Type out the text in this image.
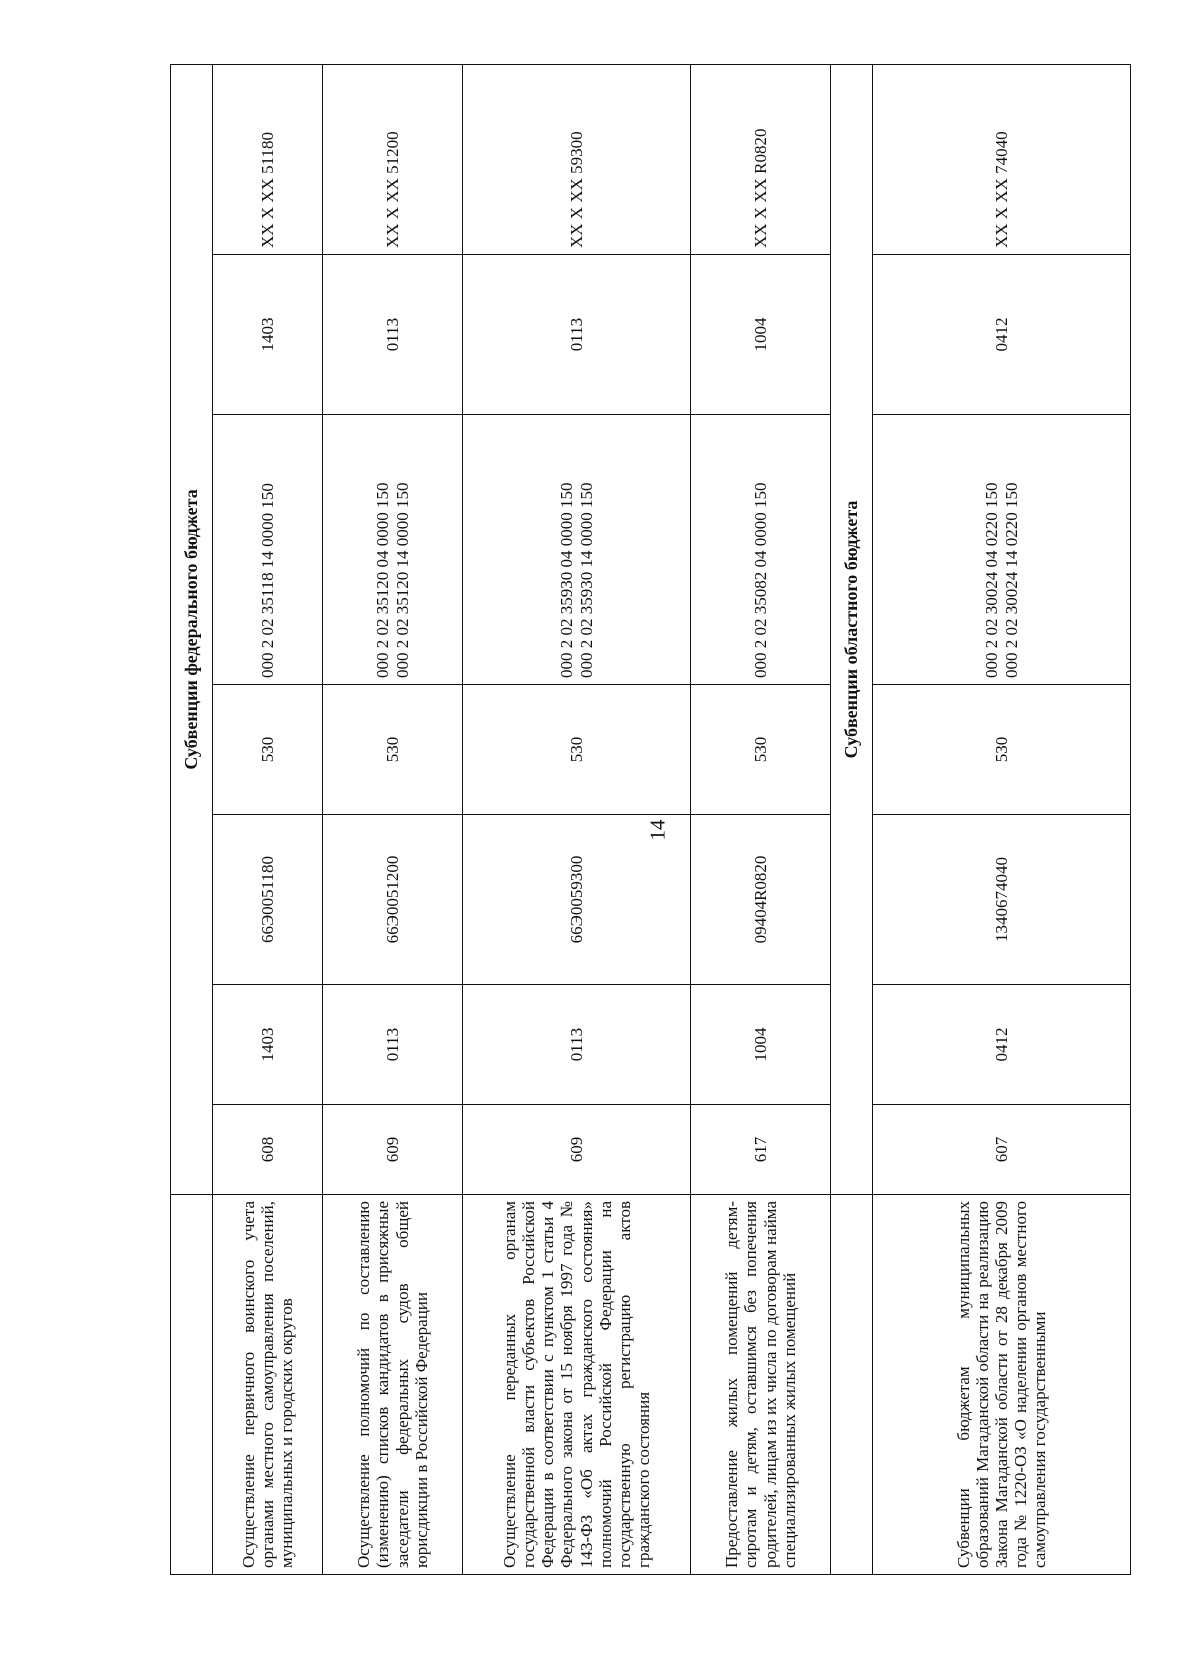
14
	Субвенции федерального бюджета						
Осуществление первичного воинского учета органами местного самоуправления поселений, муниципальных и городских округов	608	1403	66Э0051180	530	000 2 02 35118 14 0000 150	1403	XX X XX 51180
Осуществление полномочий по составлению (изменению) списков кандидатов в присяжные заседатели федеральных судов общей юрисдикции в Российской Федерации	609	0113	66Э0051200	530	000 2 02 35120 04 0000 150 000 2 02 35120 14 0000 150	0113	XX X XX 51200
Осуществление переданных органам государственной власти субъектов Российской Федерации в соответствии с пунктом 1 статьи 4 Федерального закона от 15 ноября 1997 года № 143-ФЗ «Об актах гражданского состояния» полномочий Российской Федерации на государственную регистрацию актов гражданского состояния	609	0113	66Э0059300	530	000 2 02 35930 04 0000 150 000 2 02 35930 14 0000 150	0113	XX X XX 59300
Предоставление жилых помещений детям-сиротам и детям, оставшимся без попечения родителей, лицам из их числа по договорам найма специализированных жилых помещений	617	1004	09404R0820	530	000 2 02 35082 04 0000 150	1004	XX X XX R0820
	Субвенции областного бюджета						
Субвенции бюджетам муниципальных образований Магаданской области на реализацию Закона Магаданской области от 28 декабря 2009 года № 1220-ОЗ «О наделении органов местного самоуправления государственными	607	0412	1340674040	530	000 2 02 30024 04 0220 150 000 2 02 30024 14 0220 150	0412	XX X XX 74040
